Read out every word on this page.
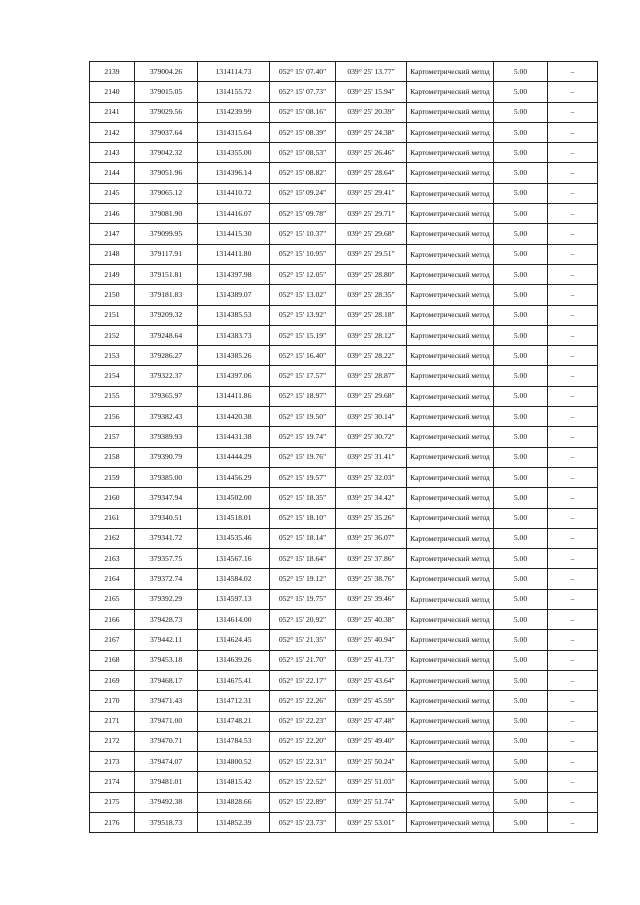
2139	379004.26	1314114.73	052° 15' 07.40"	039° 25' 13.77"	Картометрический метод	5.00	–
2140	379015.05	1314155.72	052° 15' 07.73"	039° 25' 15.94"	Картометрический метод	5.00	–
2141	379029.56	1314239.99	052° 15' 08.16"	039° 25' 20.39"	Картометрический метод	5.00	–
2142	379037.64	1314315.64	052° 15' 08.39"	039° 25' 24.38"	Картометрический метод	5.00	–
2143	379042.32	1314355.00	052° 15' 08.53"	039° 25' 26.46"	Картометрический метод	5.00	–
2144	379051.96	1314396.14	052° 15' 08.82"	039° 25' 28.64"	Картометрический метод	5.00	–
2145	379065.12	1314410.72	052° 15' 09.24"	039° 25' 29.41"	Картометрический метод	5.00	–
2146	379081.90	1314416.07	052° 15' 09.78"	039° 25' 29.71"	Картометрический метод	5.00	–
2147	379099.95	1314415.30	052° 15' 10.37"	039° 25' 29.68"	Картометрический метод	5.00	–
2148	379117.91	1314411.80	052° 15' 10.95"	039° 25' 29.51"	Картометрический метод	5.00	–
2149	379151.81	1314397.98	052° 15' 12.05"	039° 25' 28.80"	Картометрический метод	5.00	–
2150	379181.83	1314389.07	052° 15' 13.02"	039° 25' 28.35"	Картометрический метод	5.00	–
2151	379209.32	1314385.53	052° 15' 13.92"	039° 25' 28.18"	Картометрический метод	5.00	–
2152	379248.64	1314383.73	052° 15' 15.19"	039° 25' 28.12"	Картометрический метод	5.00	–
2153	379286.27	1314385.26	052° 15' 16.40"	039° 25' 28.22"	Картометрический метод	5.00	–
2154	379322.37	1314397.06	052° 15' 17.57"	039° 25' 28.87"	Картометрический метод	5.00	–
2155	379365.97	1314411.86	052° 15' 18.97"	039° 25' 29.68"	Картометрический метод	5.00	–
2156	379382.43	1314420.38	052° 15' 19.50"	039° 25' 30.14"	Картометрический метод	5.00	–
2157	379389.93	1314431.38	052° 15' 19.74"	039° 25' 30.72"	Картометрический метод	5.00	–
2158	379390.79	1314444.29	052° 15' 19.76"	039° 25' 31.41"	Картометрический метод	5.00	–
2159	379385.00	1314456.29	052° 15' 19.57"	039° 25' 32.03"	Картометрический метод	5.00	–
2160	379347.94	1314502.00	052° 15' 18.35"	039° 25' 34.42"	Картометрический метод	5.00	–
2161	379340.51	1314518.01	052° 15' 18.10"	039° 25' 35.26"	Картометрический метод	5.00	–
2162	379341.72	1314535.46	052° 15' 18.14"	039° 25' 36.07"	Картометрический метод	5.00	–
2163	379357.75	1314567.16	052° 15' 18.64"	039° 25' 37.86"	Картометрический метод	5.00	–
2164	379372.74	1314584.02	052° 15' 19.12"	039° 25' 38.76"	Картометрический метод	5.00	–
2165	379392.29	1314597.13	052° 15' 19.75"	039° 25' 39.46"	Картометрический метод	5.00	–
2166	379428.73	1314614.00	052° 15' 20.92"	039° 25' 40.38"	Картометрический метод	5.00	–
2167	379442.11	1314624.45	052° 15' 21.35"	039° 25' 40.94"	Картометрический метод	5.00	–
2168	379453.18	1314639.26	052° 15' 21.70"	039° 25' 41.73"	Картометрический метод	5.00	–
2169	379468.17	1314675.41	052° 15' 22.17"	039° 25' 43.64"	Картометрический метод	5.00	–
2170	379471.43	1314712.31	052° 15' 22.26"	039° 25' 45.59"	Картометрический метод	5.00	–
2171	379471.00	1314748.21	052° 15' 22.23"	039° 25' 47.48"	Картометрический метод	5.00	–
2172	379470.71	1314784.53	052° 15' 22.20"	039° 25' 49.40"	Картометрический метод	5.00	–
2173	379474.07	1314800.52	052° 15' 22.31"	039° 25' 50.24"	Картометрический метод	5.00	–
2174	379481.01	1314815.42	052° 15' 22.52"	039° 25' 51.03"	Картометрический метод	5.00	–
2175	379492.38	1314828.66	052° 15' 22.89"	039° 25' 51.74"	Картометрический метод	5.00	–
2176	379518.73	1314852.39	052° 15' 23.73"	039° 25' 53.01"	Картометрический метод	5.00	–
